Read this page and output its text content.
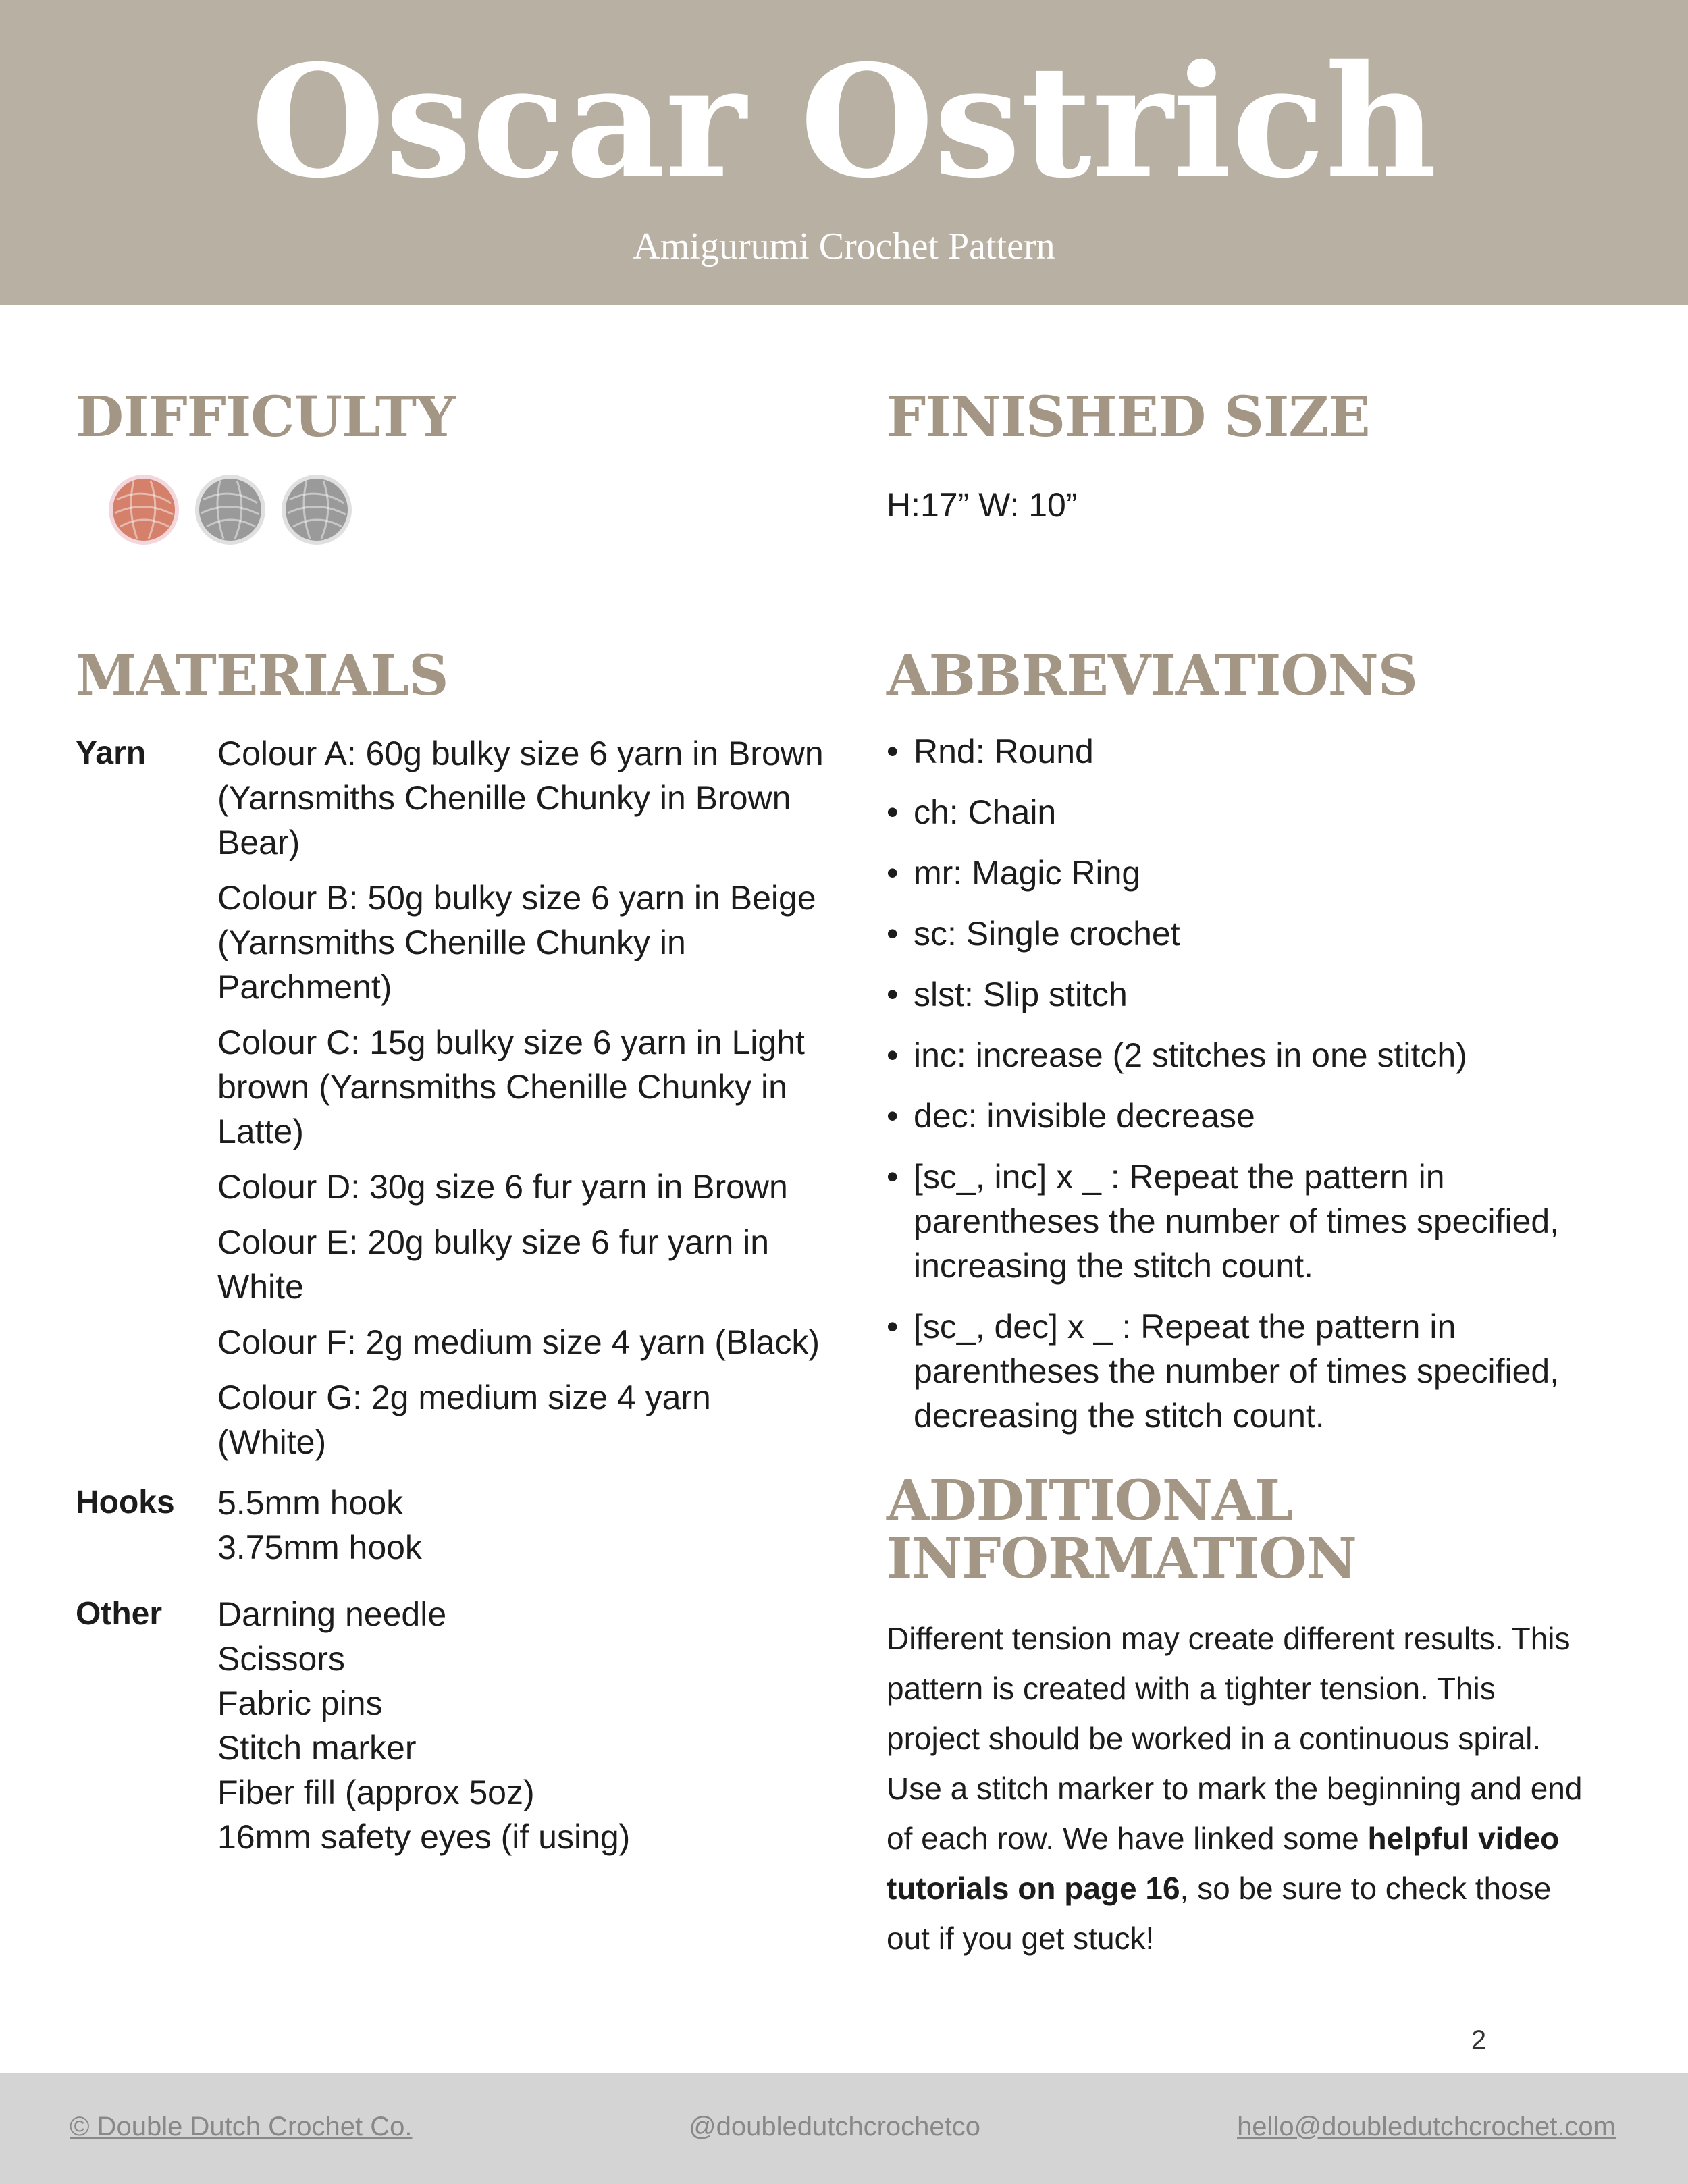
Oscar Ostrich
Amigurumi Crochet Pattern
DIFFICULTY	FINISHED SIZE
H:17” W: 10”
MATERIALS
Yarn Colour A: 60g bulky size 6 yarn in Brown
(Yarnsmiths Chenille Chunky in Brown
Bear)
Colour B: 50g bulky size 6 yarn in Beige
(Yarnsmiths Chenille Chunky in
Parchment)
Colour C: 15g bulky size 6 yarn in Light
brown (Yarnsmiths Chenille Chunky in
Latte)
Colour D: 30g size 6 fur yarn in Brown
Colour E: 20g bulky size 6 fur yarn in
White
Colour F: 2g medium size 4 yarn (Black)
Colour G: 2g medium size 4 yarn
(White)
Hooks 5.5mm hook
3.75mm hook
Other Darning needle
Scissors
Fabric pins
Stitch marker
Fiber fill (approx 5oz)
16mm safety eyes (if using)
ABBREVIATIONS
• Rnd: Round
• ch: Chain
• mr: Magic Ring
• sc: Single crochet
• slst: Slip stitch
• inc: increase (2 stitches in one stitch)
• dec: invisible decrease
• [sc_, inc] x _ : Repeat the pattern in
parentheses the number of times specified,
increasing the stitch count.
• [sc_, dec] x _ : Repeat the pattern in
parentheses the number of times specified,
decreasing the stitch count.
ADDITIONAL
INFORMATION
Different tension may create different results. This
pattern is created with a tighter tension. This
project should be worked in a continuous spiral.
Use a stitch marker to mark the beginning and end
of each row. We have linked some helpful video
tutorials on page 16, so be sure to check those
out if you get stuck!
2
© Double Dutch Crochet Co.	@doubledutchcrochetco	hello@doubledutchcrochet.com
